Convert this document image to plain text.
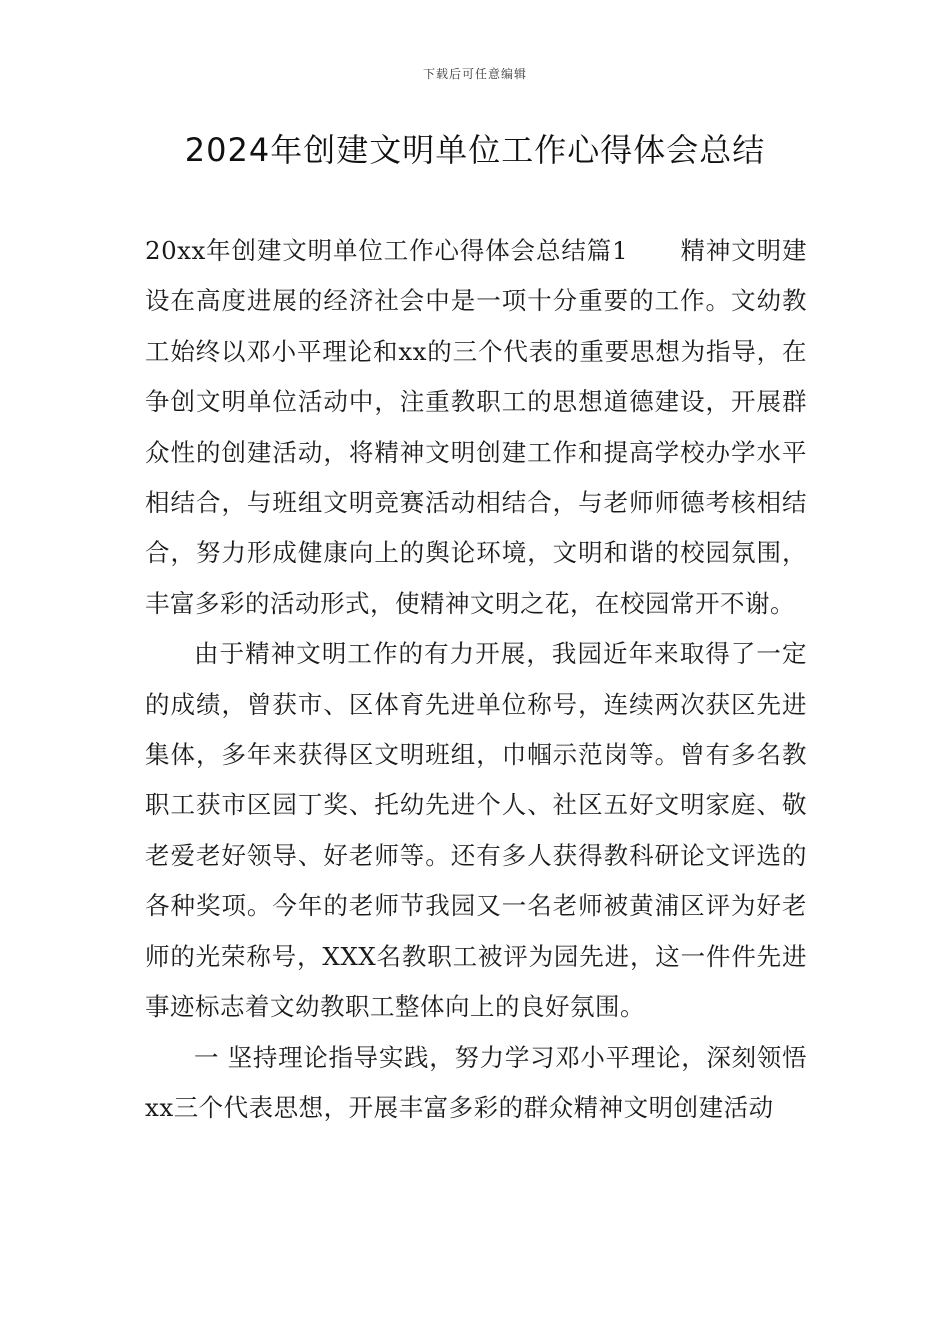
下载后可任意编辑
2024年创建文明单位工作心得体会总结

20xx年创建文明单位工作心得体会总结篇1 精神文明建设在高度进展的经济社会中是一项十分重要的工作。文幼教工始终以邓小平理论和xx的三个代表的重要思想为指导，在争创文明单位活动中，注重教职工的思想道德建设，开展群众性的创建活动，将精神文明创建工作和提高学校办学水平相结合，与班组文明竞赛活动相结合，与老师师德考核相结合，努力形成健康向上的舆论环境，文明和谐的校园氛围，丰富多彩的活动形式，使精神文明之花，在校园常开不谢。

由于精神文明工作的有力开展，我园近年来取得了一定的成绩，曾获市、区体育先进单位称号，连续两次获区先进集体，多年来获得区文明班组，巾帼示范岗等。曾有多名教职工获市区园丁奖、托幼先进个人、社区五好文明家庭、敬老爱老好领导、好老师等。还有多人获得教科研论文评选的各种奖项。今年的老师节我园又一名老师被黄浦区评为好老师的光荣称号，XXX名教职工被评为园先进，这一件件先进事迹标志着文幼教职工整体向上的良好氛围。

一 坚持理论指导实践，努力学习邓小平理论，深刻领悟xx三个代表思想，开展丰富多彩的群众精神文明创建活动
